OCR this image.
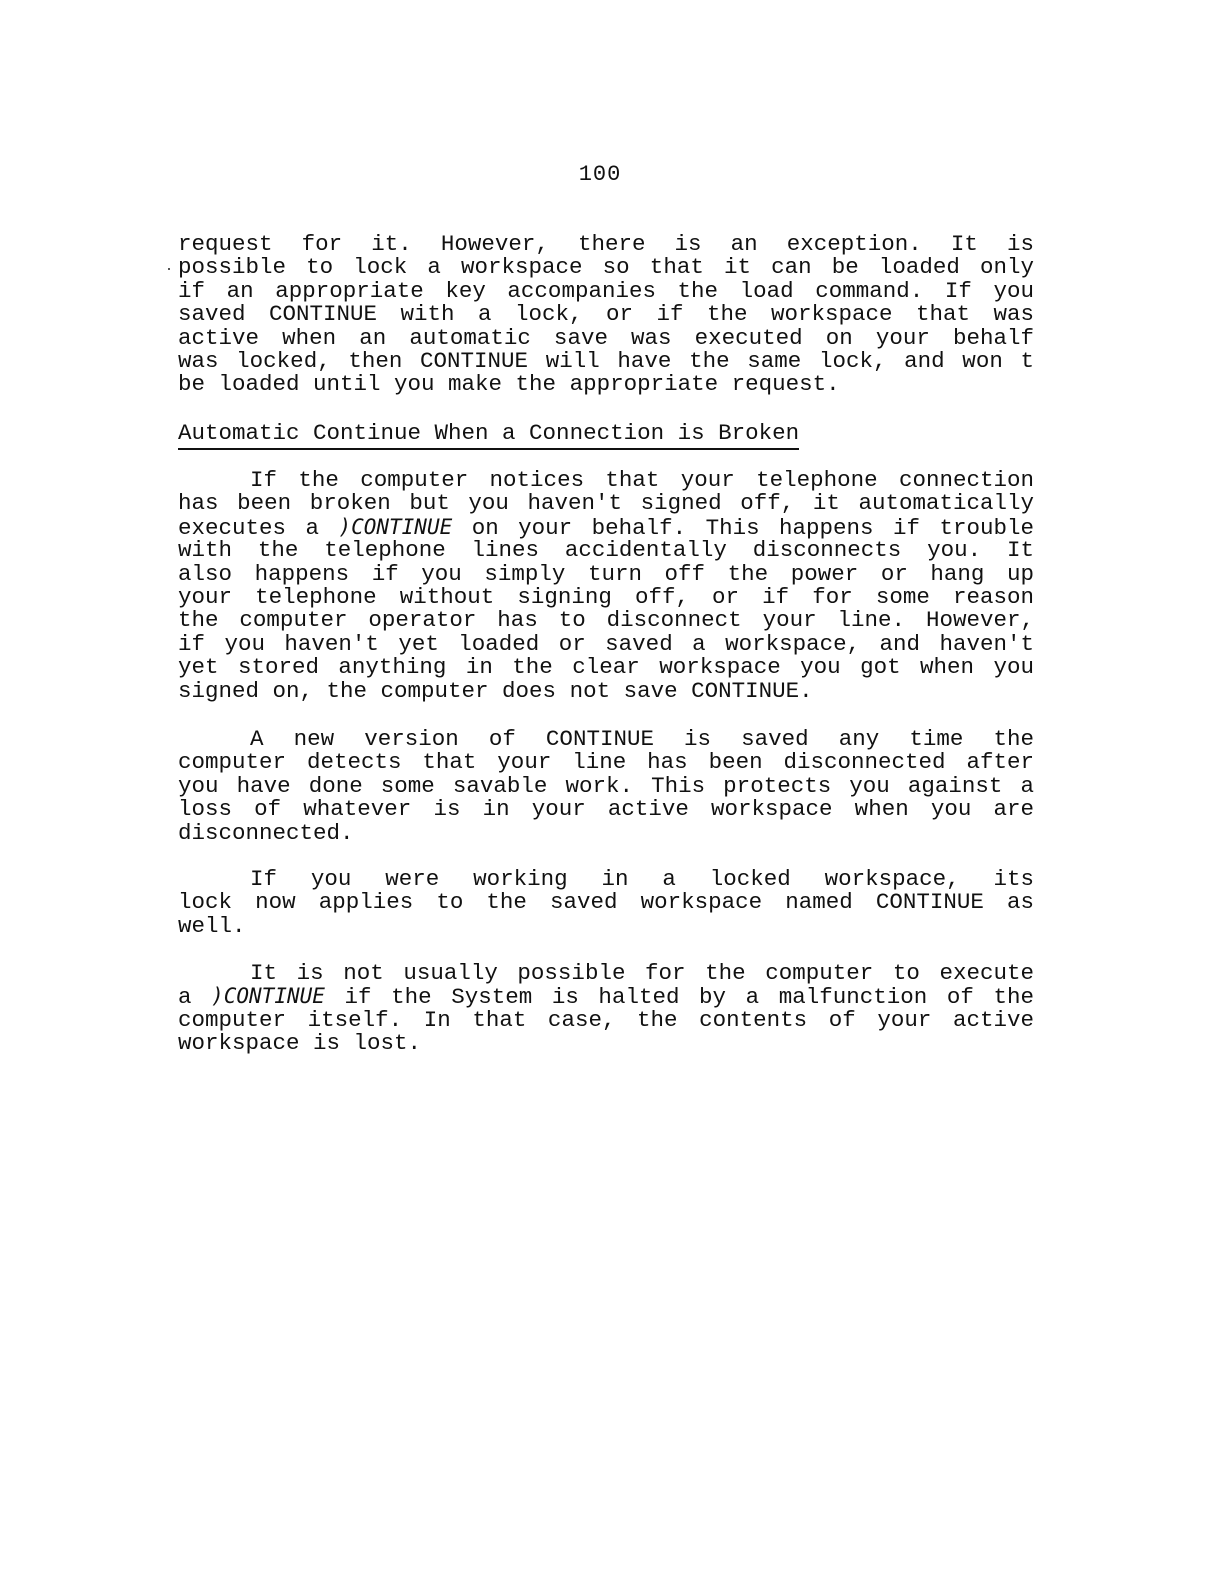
100
request for it. However, there is an exception. It is
possible to lock a workspace so that it can be loaded only
if an appropriate key accompanies the load command. If you
saved CONTINUE with a lock, or if the workspace that was
active when an automatic save was executed on your behalf
was locked, then CONTINUE will have the same lock, and won t
be loaded until you make the appropriate request.
Automatic Continue When a Connection is Broken
If the computer notices that your telephone connection
has been broken but you haven't signed off, it automatically
executes a )CONTINUE on your behalf. This happens if trouble
with the telephone lines accidentally disconnects you. It
also happens if you simply turn off the power or hang up
your telephone without signing off, or if for some reason
the computer operator has to disconnect your line. However,
if you haven't yet loaded or saved a workspace, and haven't
yet stored anything in the clear workspace you got when you
signed on, the computer does not save CONTINUE.
A new version of CONTINUE is saved any time the
computer detects that your line has been disconnected after
you have done some savable work. This protects you against a
loss of whatever is in your active workspace when you are
disconnected.
If you were working in a locked workspace, its
lock now applies to the saved workspace named CONTINUE as
well.
It is not usually possible for the computer to execute
a )CONTINUE if the System is halted by a malfunction of the
computer itself. In that case, the contents of your active
workspace is lost.
